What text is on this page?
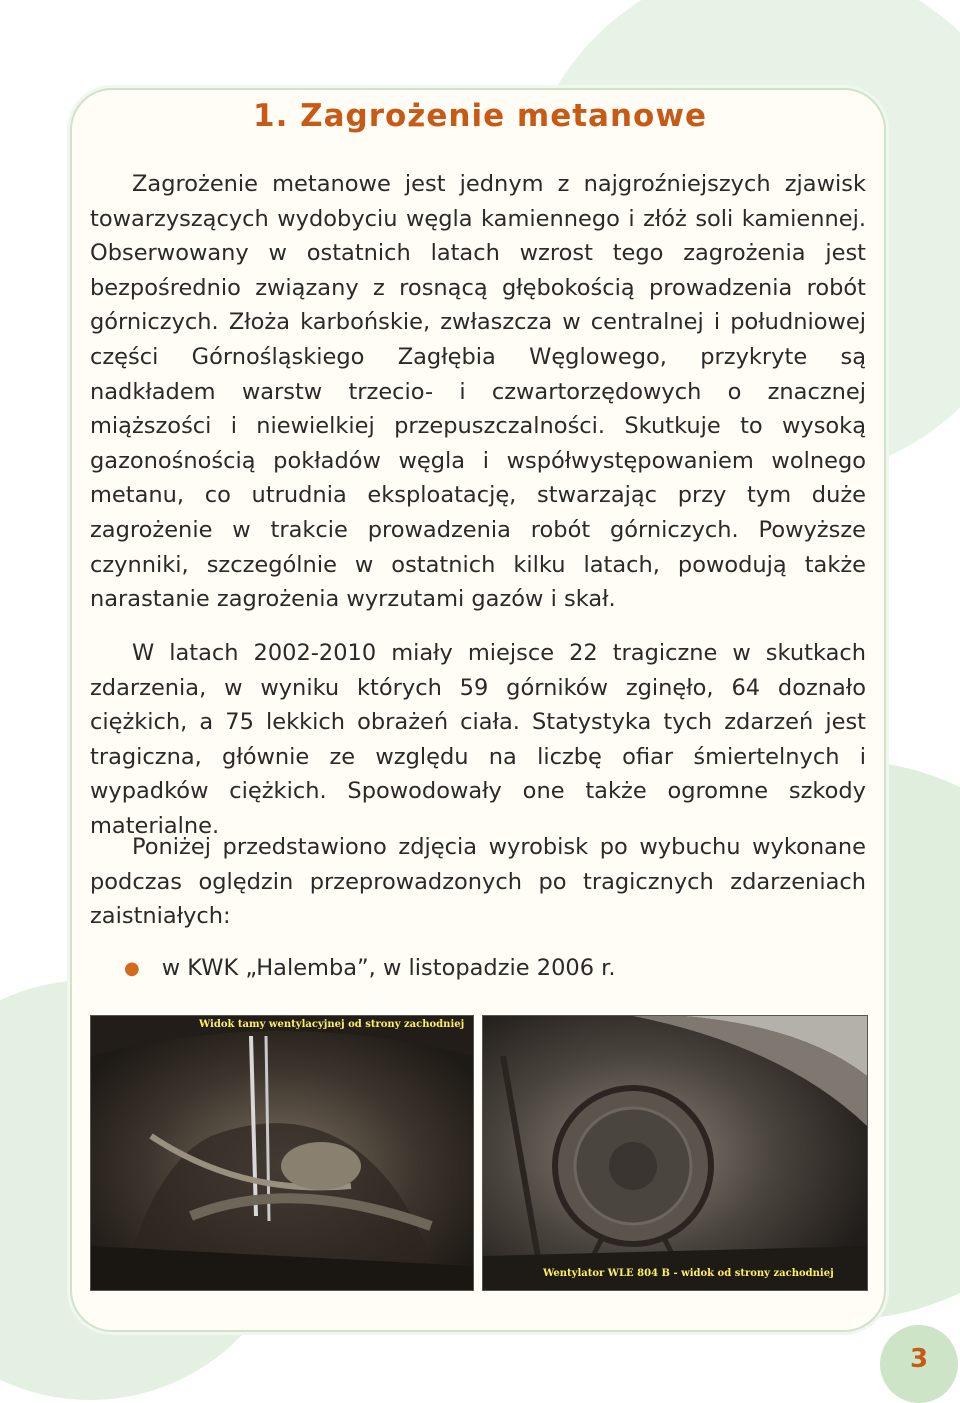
1. Zagrożenie metanowe

Zagrożenie metanowe jest jednym z najgroźniejszych zjawisk towarzyszących wydobyciu węgla kamiennego i złóż soli kamiennej. Obserwowany w ostatnich latach wzrost tego zagrożenia jest bezpośrednio związany z rosnącą głębokością prowadzenia robót górniczych. Złoża karbońskie, zwłaszcza w centralnej i południowej części Górnośląskiego Zagłębia Węglowego, przykryte są nadkładem warstw trzecio- i czwartorzędowych o znacznej miąższości i niewielkiej przepuszczalności. Skutkuje to wysoką gazonośnością pokładów węgla i współwystępowaniem wolnego metanu, co utrudnia eksploatację, stwarzając przy tym duże zagrożenie w trakcie prowadzenia robót górniczych. Powyższe czynniki, szczególnie w ostatnich kilku latach, powodują także narastanie zagrożenia wyrzutami gazów i skał.

W latach 2002-2010 miały miejsce 22 tragiczne w skutkach zdarzenia, w wyniku których 59 górników zginęło, 64 doznało ciężkich, a 75 lekkich obrażeń ciała. Statystyka tych zdarzeń jest tragiczna, głównie ze względu na liczbę ofiar śmiertelnych i wypadków ciężkich. Spowodowały one także ogromne szkody materialne.

Poniżej przedstawiono zdjęcia wyrobisk po wybuchu wykonane podczas oględzin przeprowadzonych po tragicznych zdarzeniach zaistniałych:

● w KWK „Halemba”, w listopadzie 2006 r.
Widok tamy wentylacyjnej od strony zachodniej
Wentylator WLE 804 B - widok od strony zachodniej
3
